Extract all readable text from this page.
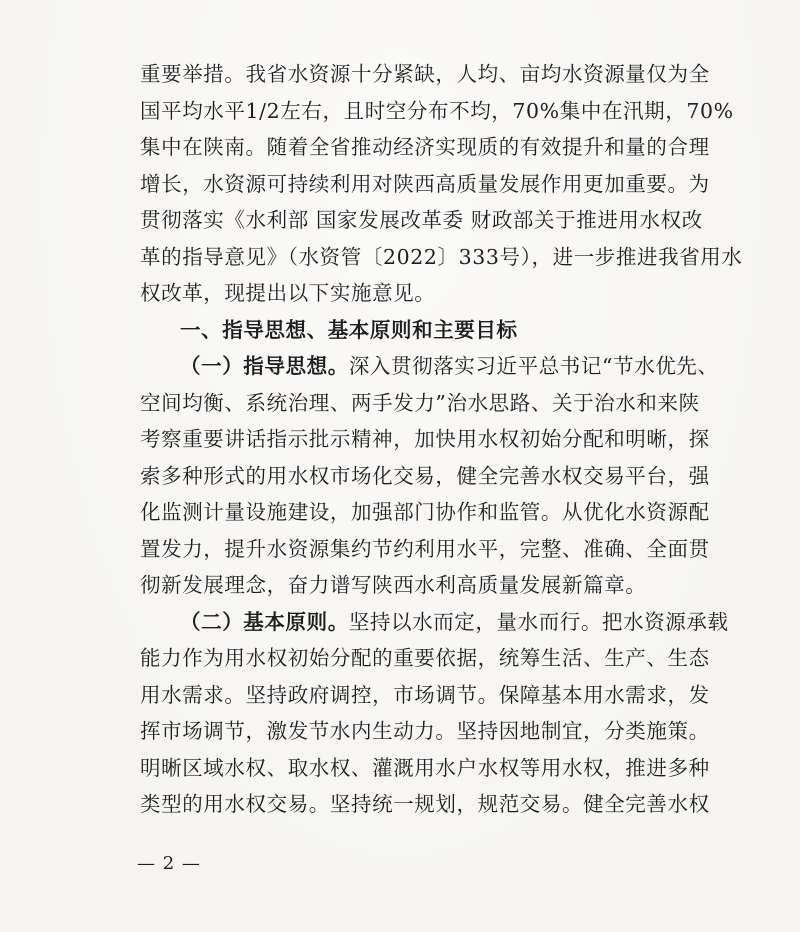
重要举措。我省水资源十分紧缺，人均、亩均水资源量仅为全
国平均水平1/2左右，且时空分布不均，70%集中在汛期，70%
集中在陕南。随着全省推动经济实现质的有效提升和量的合理
增长，水资源可持续利用对陕西高质量发展作用更加重要。为
贯彻落实《水利部 国家发展改革委 财政部关于推进用水权改
革的指导意见》（水资管〔2022〕333号），进一步推进我省用水
权改革，现提出以下实施意见。
一、指导思想、基本原则和主要目标
（一）指导思想。深入贯彻落实习近平总书记“节水优先、
空间均衡、系统治理、两手发力”治水思路、关于治水和来陕
考察重要讲话指示批示精神，加快用水权初始分配和明晰，探
索多种形式的用水权市场化交易，健全完善水权交易平台，强
化监测计量设施建设，加强部门协作和监管。从优化水资源配
置发力，提升水资源集约节约利用水平，完整、准确、全面贯
彻新发展理念，奋力谱写陕西水利高质量发展新篇章。
（二）基本原则。坚持以水而定，量水而行。把水资源承载
能力作为用水权初始分配的重要依据，统筹生活、生产、生态
用水需求。坚持政府调控，市场调节。保障基本用水需求，发
挥市场调节，激发节水内生动力。坚持因地制宜，分类施策。
明晰区域水权、取水权、灌溉用水户水权等用水权，推进多种
类型的用水权交易。坚持统一规划，规范交易。健全完善水权
— 2 —
